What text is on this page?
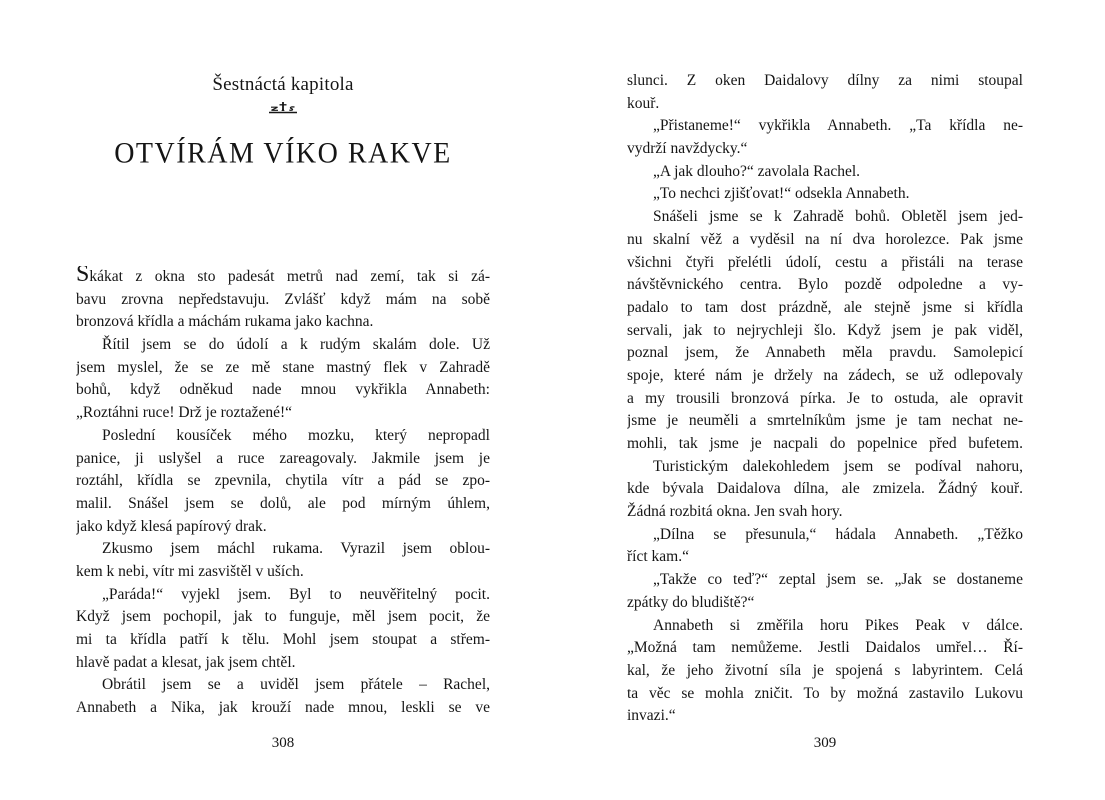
Šestnáctá kapitola
OTVÍRÁM VÍKO RAKVE
Skákat z okna sto padesát metrů nad zemí, tak si zá-
bavu zrovna nepředstavuju. Zvlášť když mám na sobě
bronzová křídla a máchám rukama jako kachna.
Řítil jsem se do údolí a k rudým skalám dole. Už
jsem myslel, že se ze mě stane mastný flek v Zahradě
bohů, když odněkud nade mnou vykřikla Annabeth:
„Roztáhni ruce! Drž je roztažené!“
Poslední kousíček mého mozku, který nepropadl
panice, ji uslyšel a ruce zareagovaly. Jakmile jsem je
roztáhl, křídla se zpevnila, chytila vítr a pád se zpo-
malil. Snášel jsem se dolů, ale pod mírným úhlem,
jako když klesá papírový drak.
Zkusmo jsem máchl rukama. Vyrazil jsem oblou-
kem k nebi, vítr mi zasvištěl v uších.
„Paráda!“ vyjekl jsem. Byl to neuvěřitelný pocit.
Když jsem pochopil, jak to funguje, měl jsem pocit, že
mi ta křídla patří k tělu. Mohl jsem stoupat a střem-
hlavě padat a klesat, jak jsem chtěl.
Obrátil jsem se a uviděl jsem přátele – Rachel,
Annabeth a Nika, jak krouží nade mnou, leskli se ve
308
slunci. Z oken Daidalovy dílny za nimi stoupal
kouř.
„Přistaneme!“ vykřikla Annabeth. „Ta křídla ne-
vydrží navždycky.“
„A jak dlouho?“ zavolala Rachel.
„To nechci zjišťovat!“ odsekla Annabeth.
Snášeli jsme se k Zahradě bohů. Obletěl jsem jed-
nu skalní věž a vyděsil na ní dva horolezce. Pak jsme
všichni čtyři přelétli údolí, cestu a přistáli na terase
návštěvnického centra. Bylo pozdě odpoledne a vy-
padalo to tam dost prázdně, ale stejně jsme si křídla
servali, jak to nejrychleji šlo. Když jsem je pak viděl,
poznal jsem, že Annabeth měla pravdu. Samolepicí
spoje, které nám je držely na zádech, se už odlepovaly
a my trousili bronzová pírka. Je to ostuda, ale opravit
jsme je neuměli a smrtelníkům jsme je tam nechat ne-
mohli, tak jsme je nacpali do popelnice před bufetem.
Turistickým dalekohledem jsem se podíval nahoru,
kde bývala Daidalova dílna, ale zmizela. Žádný kouř.
Žádná rozbitá okna. Jen svah hory.
„Dílna se přesunula,“ hádala Annabeth. „Těžko
říct kam.“
„Takže co teď?“ zeptal jsem se. „Jak se dostaneme
zpátky do bludiště?“
Annabeth si změřila horu Pikes Peak v dálce.
„Možná tam nemůžeme. Jestli Daidalos umřel… Ří-
kal, že jeho životní síla je spojená s labyrintem. Celá
ta věc se mohla zničit. To by možná zastavilo Lukovu
invazi.“
309
